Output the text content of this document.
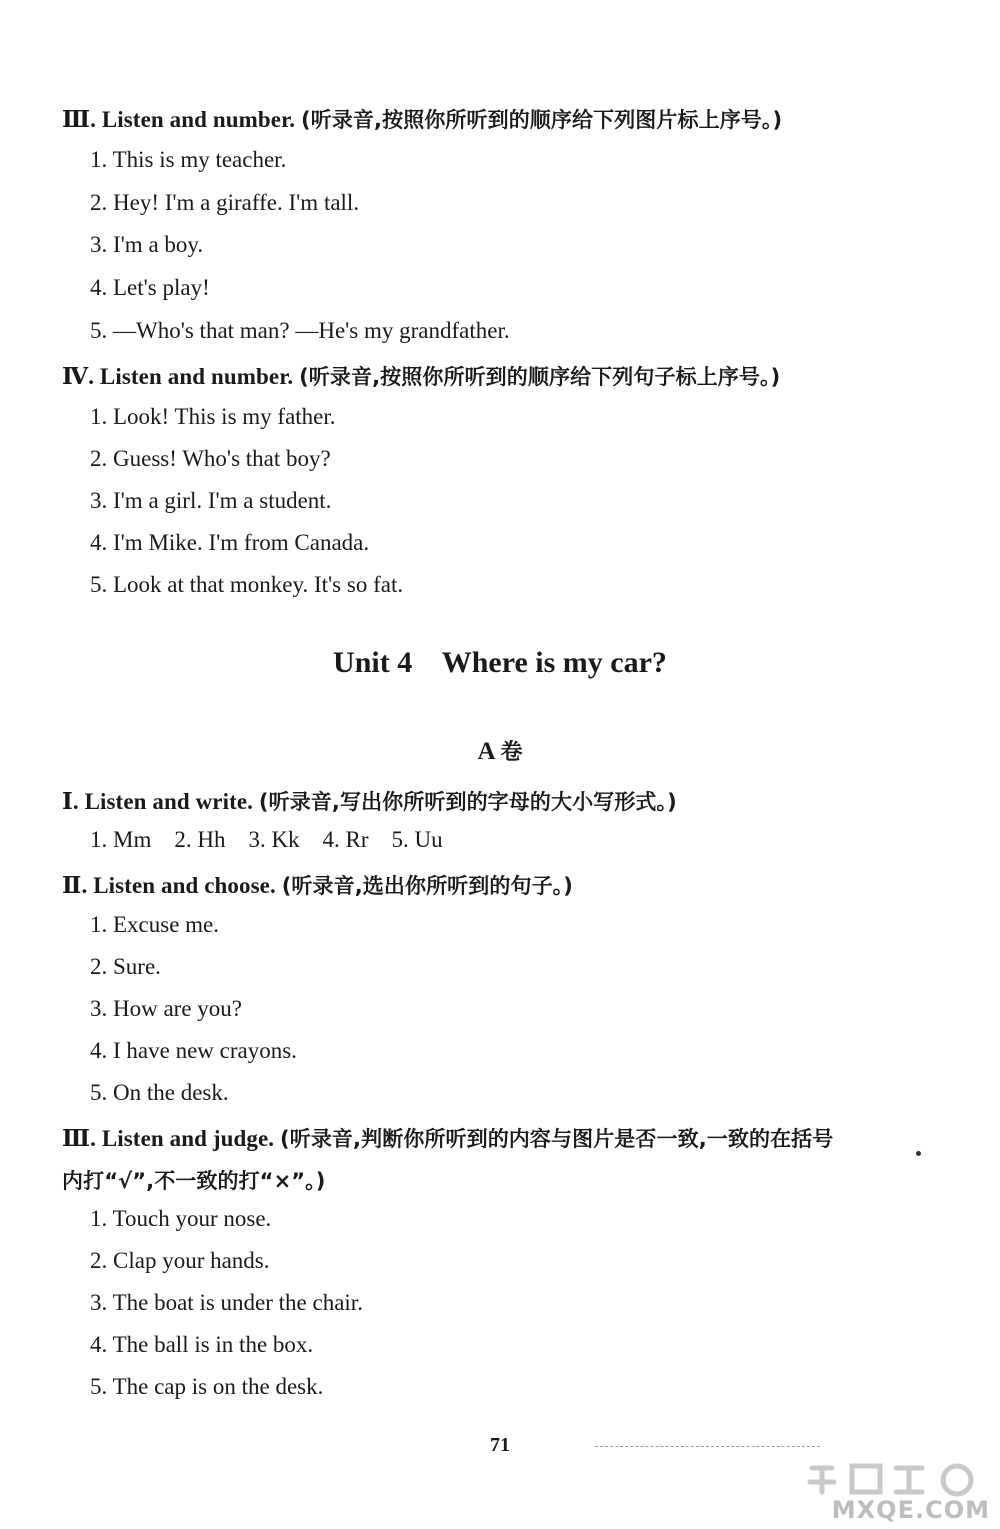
Ⅲ. Listen and number. (听录音,按照你所听到的顺序给下列图片标上序号。)
1. This is my teacher.
2. Hey! I'm a giraffe. I'm tall.
3. I'm a boy.
4. Let's play!
5. —Who's that man? —He's my grandfather.
Ⅳ. Listen and number. (听录音,按照你所听到的顺序给下列句子标上序号。)
1. Look! This is my father.
2. Guess! Who's that boy?
3. I'm a girl. I'm a student.
4. I'm Mike. I'm from Canada.
5. Look at that monkey. It's so fat.
Unit 4 Where is my car?
A 卷
Ⅰ. Listen and write. (听录音,写出你所听到的字母的大小写形式。)
1. Mm    2. Hh    3. Kk    4. Rr    5. Uu
Ⅱ. Listen and choose. (听录音,选出你所听到的句子。)
1. Excuse me.
2. Sure.
3. How are you?
4. I have new crayons.
5. On the desk.
Ⅲ. Listen and judge. (听录音,判断你所听到的内容与图片是否一致,一致的在括号
内打“√”,不一致的打“×”。)
1. Touch your nose.
2. Clap your hands.
3. The boat is under the chair.
4. The ball is in the box.
5. The cap is on the desk.
71
MXQE.COM
